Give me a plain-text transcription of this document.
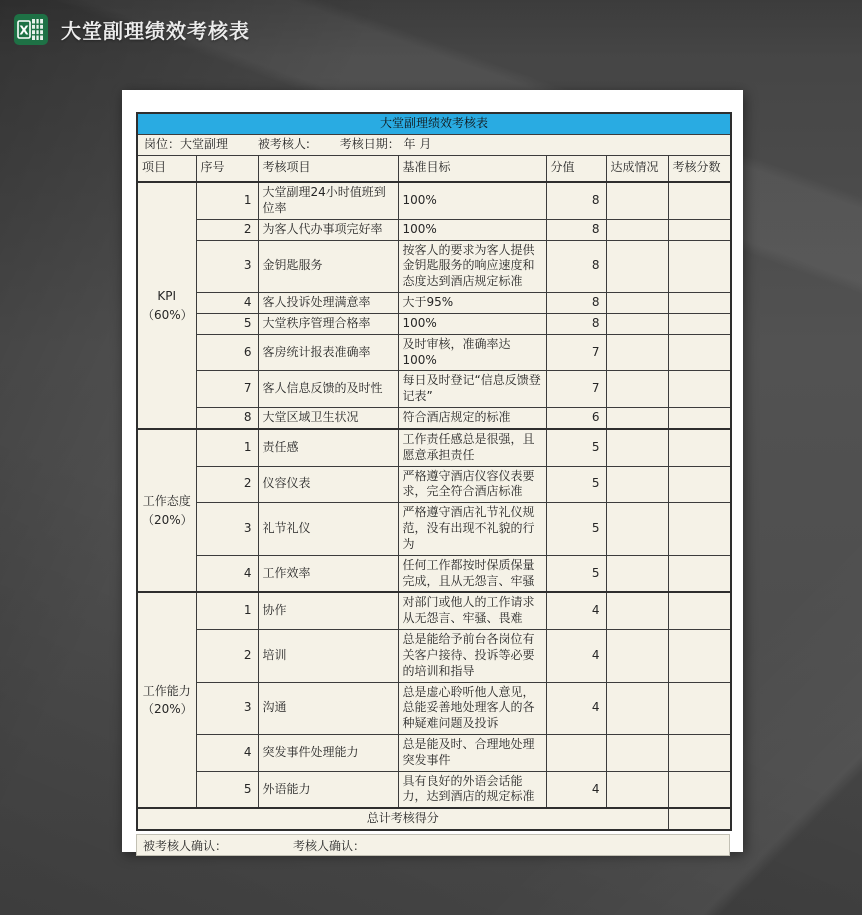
X 大堂副理绩效考核表
大堂副理绩效考核表						
岗位：大堂副理 被考核人: 考核日期： 年 月						
项目	序号	考核项目	基准目标	分值	达成情况	考核分数

KPI
（60%）	1	大堂副理24小时值班到位率	100%	8		
	2	为客人代办事项完好率	100%	8		
	3	金钥匙服务	按客人的要求为客人提供金钥匙服务的响应速度和态度达到酒店规定标准	8		
	4	客人投诉处理满意率	大于95%	8		
	5	大堂秩序管理合格率	100%	8		
	6	客房统计报表准确率	及时审核，准确率达100%	7		
	7	客人信息反馈的及时性	每日及时登记“信息反馈登记表”	7		
	8	大堂区域卫生状况	符合酒店规定的标准	6		

工作态度
（20%）	1	责任感	工作责任感总是很强，且愿意承担责任	5		
	2	仪容仪表	严格遵守酒店仪容仪表要求，完全符合酒店标准	5		
	3	礼节礼仪	严格遵守酒店礼节礼仪规范，没有出现不礼貌的行为	5		
	4	工作效率	任何工作都按时保质保量完成，且从无怨言、牢骚	5		

工作能力
（20%）	1	协作	对部门或他人的工作请求从无怨言、牢骚、畏难	4		
	2	培训	总是能给予前台各岗位有关客户接待、投诉等必要的培训和指导	4		
	3	沟通	总是虚心聆听他人意见，总能妥善地处理客人的各种疑难问题及投诉	4		
	4	突发事件处理能力	总是能及时、合理地处理突发事件			
	5	外语能力	具有良好的外语会话能力，达到酒店的规定标准	4		
总计考核得分						
被考核人确认：	考核人确认：
